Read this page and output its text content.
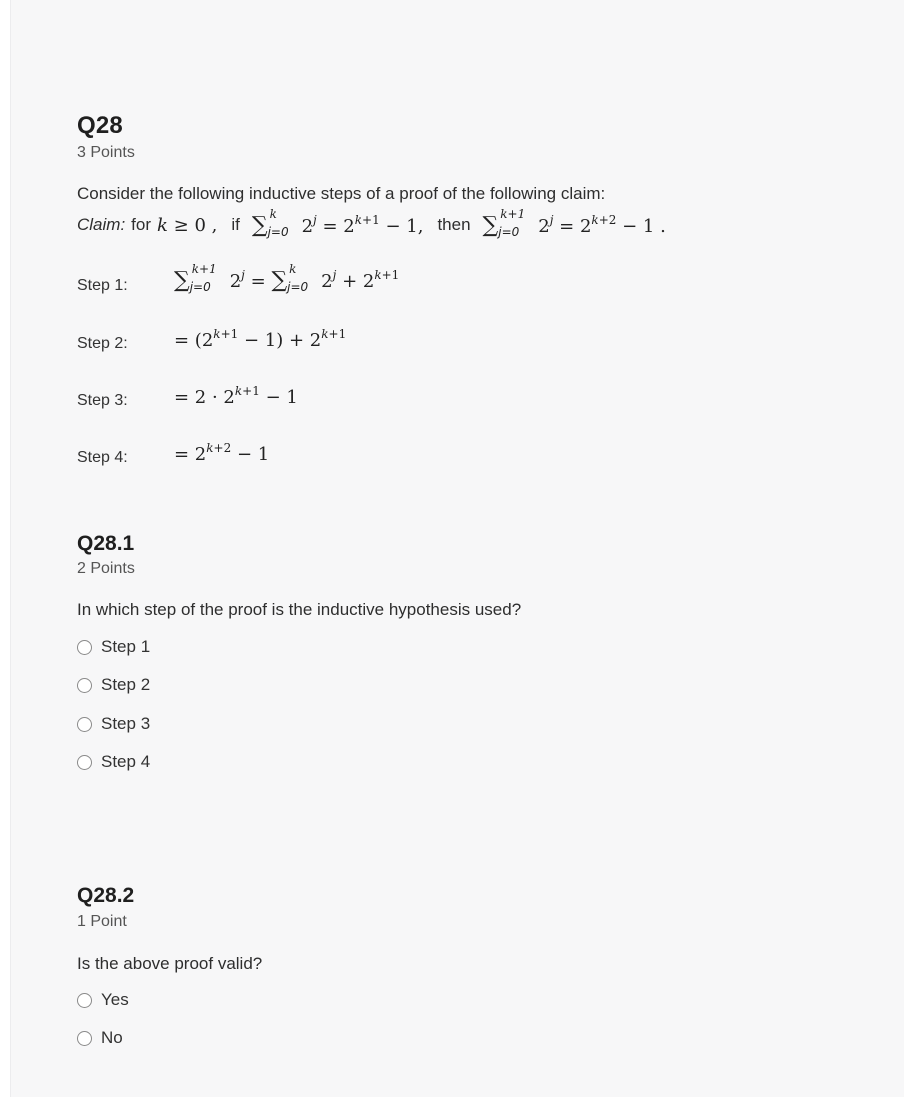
Q28
3 Points
Consider the following inductive steps of a proof of the following claim:
Claim: for k ≥ 0 , if ∑ k
j=0 $2^j = 2^{k+1} - 1$, then ∑ k+1
j=0 $2^j = 2^{k+2} - 1$ .
Step 1: ∑ k+1
j=0 $2^j$ = ∑ k
j=0 $2^j + 2^{k+1}$
Step 2:	= $(2^{k+1} - 1) + 2^{k+1}$
Step 3:	= $2 \cdot 2^{k+1} - 1$
Step 4:	= $2^{k+2} - 1$
Q28.1
2 Points
In which step of the proof is the inductive hypothesis used?
Step 1
Step 2
Step 3
Step 4
Q28.2
1 Point
Is the above proof valid?
Yes
No
